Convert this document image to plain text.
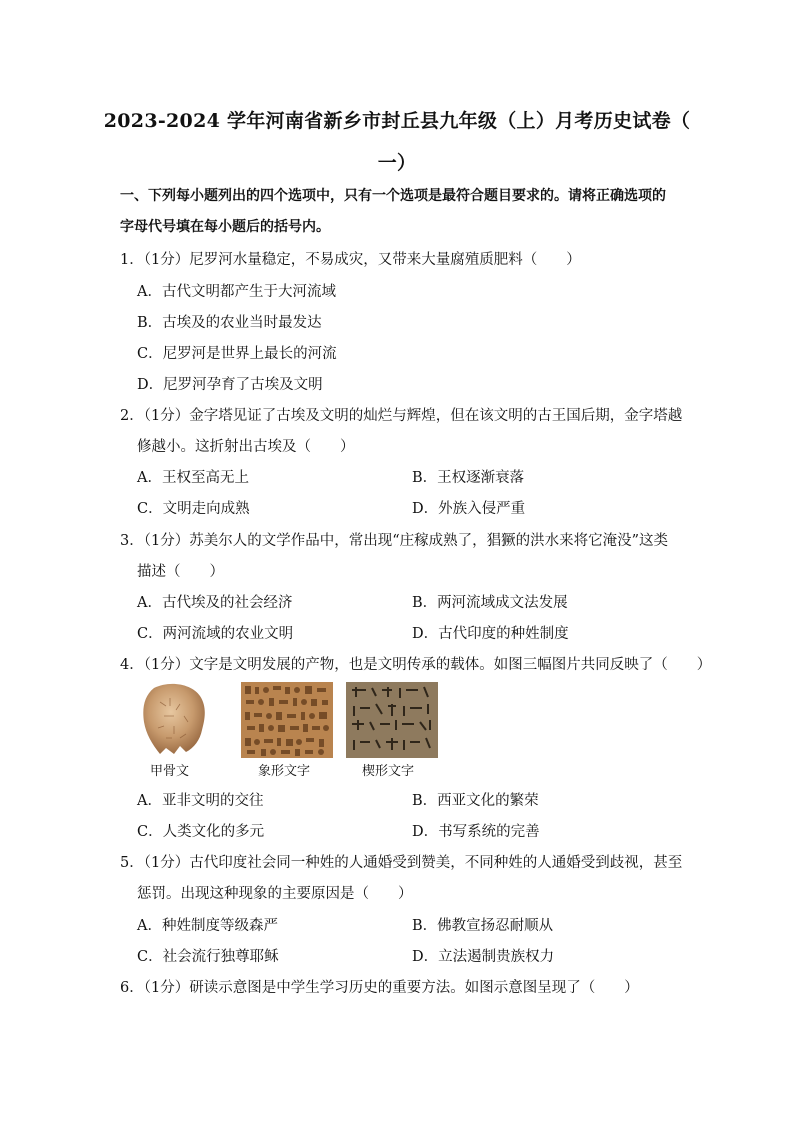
2023-2024 学年河南省新乡市封丘县九年级（上）月考历史试卷（
一）
一、下列每小题列出的四个选项中，只有一个选项是最符合题目要求的。请将正确选项的
字母代号填在每小题后的括号内。
1．（1分）尼罗河水量稳定，不易成灾，又带来大量腐殖质肥料（　　）
A．古代文明都产生于大河流域
B．古埃及的农业当时最发达
C．尼罗河是世界上最长的河流
D．尼罗河孕育了古埃及文明
2．（1分）金字塔见证了古埃及文明的灿烂与辉煌，但在该文明的古王国后期，金字塔越
修越小。这折射出古埃及（　　）
A．王权至高无上	B．王权逐渐衰落
C．文明走向成熟	D．外族入侵严重
3．（1分）苏美尔人的文学作品中，常出现“庄稼成熟了，猖獗的洪水来将它淹没”这类
描述（　　）
A．古代埃及的社会经济	B．两河流域成文法发展
C．两河流域的农业文明	D．古代印度的种姓制度
4．（1分）文字是文明发展的产物，也是文明传承的载体。如图三幅图片共同反映了（　　）
甲骨文	象形文字	楔形文字
A．亚非文明的交往	B．西亚文化的繁荣
C．人类文化的多元	D．书写系统的完善
5．（1分）古代印度社会同一种姓的人通婚受到赞美，不同种姓的人通婚受到歧视，甚至
惩罚。出现这种现象的主要原因是（　　）
A．种姓制度等级森严	B．佛教宣扬忍耐顺从
C．社会流行独尊耶稣	D．立法遏制贵族权力
6．（1分）研读示意图是中学生学习历史的重要方法。如图示意图呈现了（　　）
